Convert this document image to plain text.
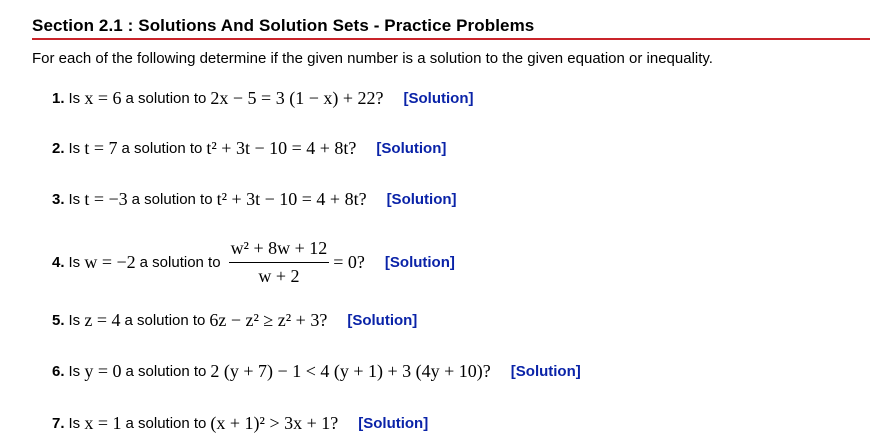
Section 2.1 : Solutions And Solution Sets - Practice Problems
For each of the following determine if the given number is a solution to the given equation or inequality.
1. Is
x = 6 a solution to 2x − 5 = 3 (1 − x) + 22? [Solution]
2. Is
t = 7 a solution to t² + 3t − 10 = 4 + 8t? [Solution]
3. Is
t = −3 a solution to t² + 3t − 10 = 4 + 8t? [Solution]
4. Is
w = −2 a solution to $\frac{\text{w² + 8w + 12}}{w + 2} = 0$? [Solution]
5. Is
z = 4 a solution to 6z − z² ≥ z² + 3? [Solution]
6. Is
y = 0 a solution to 2 (y + 7) − 1 < 4 (y + 1) + 3 (4y + 10)? [Solution]
7. Is
x = 1 a solution to (x + 1)² > 3x + 1? [Solution]
